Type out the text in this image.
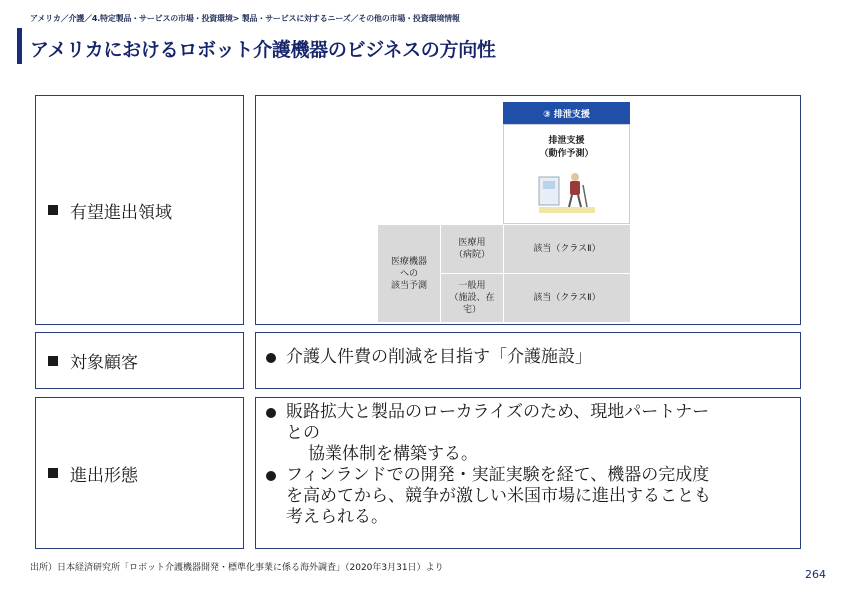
アメリカ／介護／4.特定製品・サービスの市場・投資環境> 製品・サービスに対するニーズ／その他の市場・投資環境情報
アメリカにおけるロボット介護機器のビジネスの方向性
有望進出領域
③ 排泄支援
排泄支援
（動作予測）
医療機器
への
該当予測
医療用
（病院）
一般用
（施設、在
宅）
該当（クラスⅡ）
該当（クラスⅡ）
対象顧客	介護人件費の削減を目指す「介護施設」
進出形態
販路拡大と製品のローカライズのため、現地パートナー
との
協業体制を構築する。
フィンランドでの開発・実証実験を経て、機器の完成度
を高めてから、競争が激しい米国市場に進出することも
考えられる。
出所）日本経済研究所「ロボット介護機器開発・標準化事業に係る海外調査」（2020年3月31日）より	264
